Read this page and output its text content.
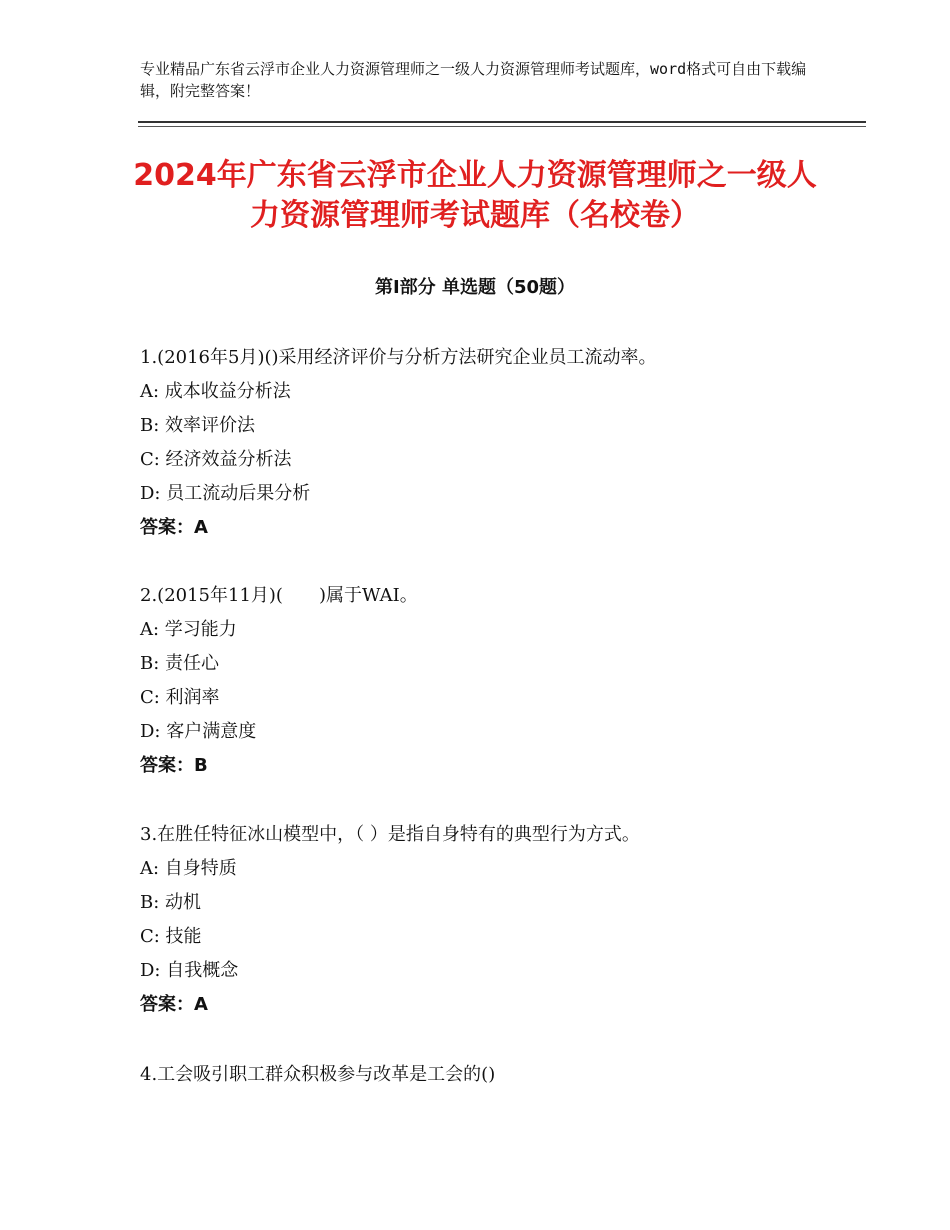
专业精品广东省云浮市企业人力资源管理师之一级人力资源管理师考试题库，word格式可自由下载编辑，附完整答案！
2024年广东省云浮市企业人力资源管理师之一级人力资源管理师考试题库（名校卷）
第Ⅰ部分 单选题（50题）
1.(2016年5月)()采用经济评价与分析方法研究企业员工流动率。
A: 成本收益分析法
B: 效率评价法
C: 经济效益分析法
D: 员工流动后果分析
答案：A
2.(2015年11月)(　　)属于WAI。
A: 学习能力
B: 责任心
C: 利润率
D: 客户满意度
答案：B
3.在胜任特征冰山模型中，（ ）是指自身特有的典型行为方式。
A: 自身特质
B: 动机
C: 技能
D: 自我概念
答案：A
4.工会吸引职工群众积极参与改革是工会的()
